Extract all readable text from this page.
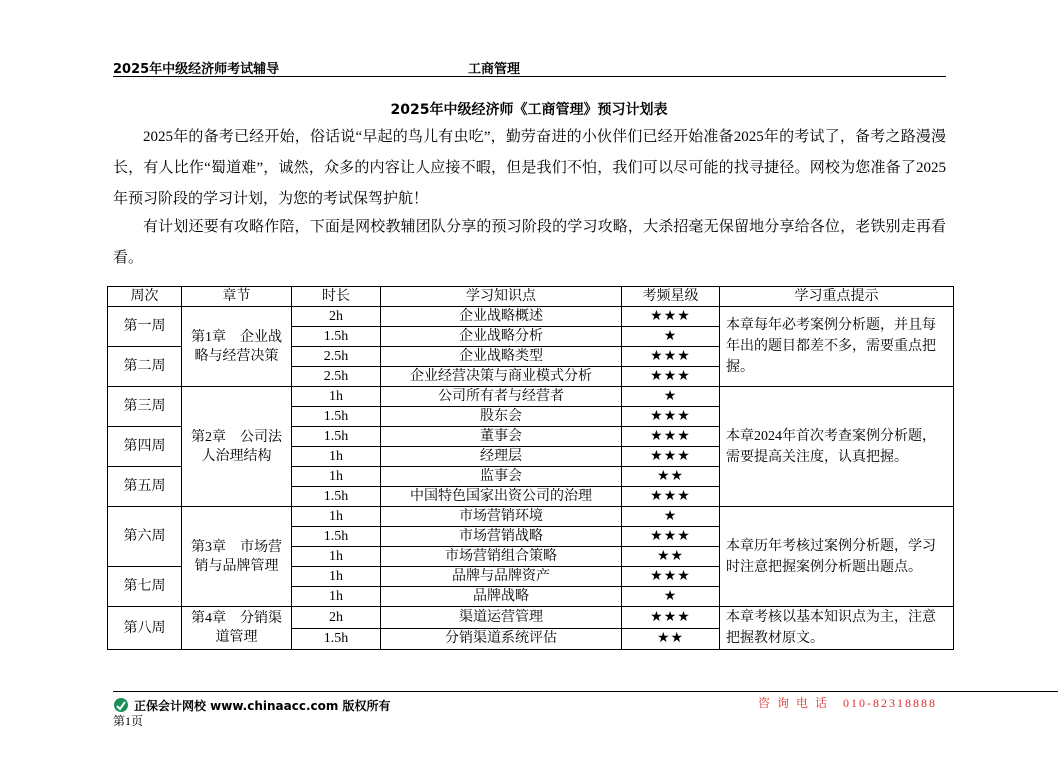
2025年中级经济师考试辅导	工商管理
2025年中级经济师《工商管理》预习计划表
2025年的备考已经开始，俗话说“早起的鸟儿有虫吃”，勤劳奋进的小伙伴们已经开始准备2025年的考试了，备考之路漫漫长，有人比作“蜀道难”，诚然，众多的内容让人应接不暇，但是我们不怕，我们可以尽可能的找寻捷径。网校为您准备了2025年预习阶段的学习计划，为您的考试保驾护航！
有计划还要有攻略作陪，下面是网校教辅团队分享的预习阶段的学习攻略，大杀招毫无保留地分享给各位，老铁别走再看看。
周次	章节	时长	学习知识点	考频星级	学习重点提示
第一周	第1章　企业战略与经营决策	2h	企业战略概述	★★★	本章每年必考案例分析题，并且每年出的题目都差不多，需要重点把握。
		1.5h	企业战略分析	★	
第二周		2.5h	企业战略类型	★★★	
		2.5h	企业经营决策与商业模式分析	★★★	
第三周	第2章　公司法人治理结构	1h	公司所有者与经营者	★	本章2024年首次考查案例分析题，需要提高关注度，认真把握。
		1.5h	股东会	★★★	
第四周		1.5h	董事会	★★★	
		1h	经理层	★★★	
第五周		1h	监事会	★★	
		1.5h	中国特色国家出资公司的治理	★★★	
第六周	第3章　市场营销与品牌管理	1h	市场营销环境	★	本章历年考核过案例分析题，学习时注意把握案例分析题出题点。
		1.5h	市场营销战略	★★★	
		1h	市场营销组合策略	★★	
第七周		1h	品牌与品牌资产	★★★	
		1h	品牌战略	★	
第八周	第4章　分销渠道管理	2h	渠道运营管理	★★★	本章考核以基本知识点为主，注意把握教材原文。
		1.5h	分销渠道系统评估	★★	
正保会计网校 www.chinaacc.com 版权所有	咨 询 电 话　010-82318888
第1页
